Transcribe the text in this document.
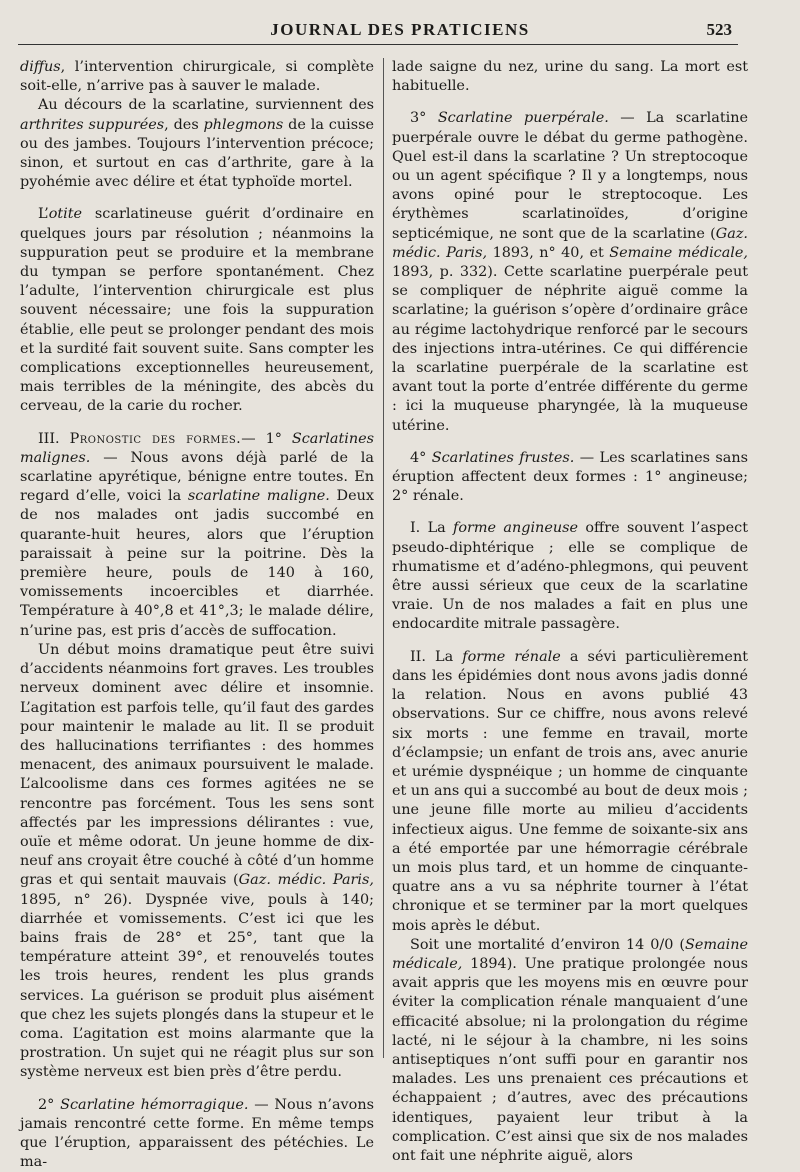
JOURNAL DES PRATICIENS	523

diffus, l’intervention chirurgicale, si complète soit-elle, n’arrive pas à sauver le malade.

Au décours de la scarlatine, surviennent des arthrites suppurées, des phlegmons de la cuisse ou des jambes. Toujours l’intervention précoce; sinon, et surtout en cas d’arthrite, gare à la pyohémie avec délire et état typhoïde mortel.

L’otite scarlatineuse guérit d’ordinaire en quelques jours par résolution ; néanmoins la suppuration peut se produire et la membrane du tympan se perfore spontanément. Chez l’adulte, l’intervention chirurgicale est plus souvent nécessaire; une fois la suppuration établie, elle peut se prolonger pendant des mois et la surdité fait souvent suite. Sans compter les complications exceptionnelles heureusement, mais terribles de la méningite, des abcès du cerveau, de la carie du rocher.

III. Pronostic des formes.— 1° Scarlatines malignes. — Nous avons déjà parlé de la scarlatine apyrétique, bénigne entre toutes. En regard d’elle, voici la scarlatine maligne. Deux de nos malades ont jadis succombé en quarante-huit heures, alors que l’éruption paraissait à peine sur la poitrine. Dès la première heure, pouls de 140 à 160, vomissements incoercibles et diarrhée. Température à 40°,8 et 41°,3; le malade délire, n’urine pas, est pris d’accès de suffocation.

Un début moins dramatique peut être suivi d’accidents néanmoins fort graves. Les troubles nerveux dominent avec délire et insomnie. L’agitation est parfois telle, qu’il faut des gardes pour maintenir le malade au lit. Il se produit des hallucinations terrifiantes : des hommes menacent, des animaux poursuivent le malade. L’alcoolisme dans ces formes agitées ne se rencontre pas forcément. Tous les sens sont affectés par les impressions délirantes : vue, ouïe et même odorat. Un jeune homme de dix-neuf ans croyait être couché à côté d’un homme gras et qui sentait mauvais (Gaz. médic. Paris, 1895, n° 26). Dyspnée vive, pouls à 140; diarrhée et vomissements. C’est ici que les bains frais de 28° et 25°, tant que la température atteint 39°, et renouvelés toutes les trois heures, rendent les plus grands services. La guérison se produit plus aisément que chez les sujets plongés dans la stupeur et le coma. L’agitation est moins alarmante que la prostration. Un sujet qui ne réagit plus sur son système nerveux est bien près d’être perdu.

2° Scarlatine hémorragique. — Nous n’avons jamais rencontré cette forme. En même temps que l’éruption, apparaissent des pétéchies. Le ma-

lade saigne du nez, urine du sang. La mort est habituelle.

3° Scarlatine puerpérale. — La scarlatine puerpérale ouvre le débat du germe pathogène. Quel est-il dans la scarlatine ? Un streptocoque ou un agent spécifique ? Il y a longtemps, nous avons opiné pour le streptocoque. Les érythèmes scarlatinoïdes, d’origine septicémique, ne sont que de la scarlatine (Gaz. médic. Paris, 1893, n° 40, et Semaine médicale, 1893, p. 332). Cette scarlatine puerpérale peut se compliquer de néphrite aiguë comme la scarlatine; la guérison s’opère d’ordinaire grâce au régime lactohydrique renforcé par le secours des injections intra-utérines. Ce qui différencie la scarlatine puerpérale de la scarlatine est avant tout la porte d’entrée différente du germe : ici la muqueuse pharyngée, là la muqueuse utérine.

4° Scarlatines frustes. — Les scarlatines sans éruption affectent deux formes : 1° angineuse; 2° rénale.

I. La forme angineuse offre souvent l’aspect pseudo-diphtérique ; elle se complique de rhumatisme et d’adéno-phlegmons, qui peuvent être aussi sérieux que ceux de la scarlatine vraie. Un de nos malades a fait en plus une endocardite mitrale passagère.

II. La forme rénale a sévi particulièrement dans les épidémies dont nous avons jadis donné la relation. Nous en avons publié 43 observations. Sur ce chiffre, nous avons relevé six morts : une femme en travail, morte d’éclampsie; un enfant de trois ans, avec anurie et urémie dyspnéique ; un homme de cinquante et un ans qui a succombé au bout de deux mois ; une jeune fille morte au milieu d’accidents infectieux aigus. Une femme de soixante-six ans a été emportée par une hémorragie cérébrale un mois plus tard, et un homme de cinquante-quatre ans a vu sa néphrite tourner à l’état chronique et se terminer par la mort quelques mois après le début.

Soit une mortalité d’environ 14 0/0 (Semaine médicale, 1894). Une pratique prolongée nous avait appris que les moyens mis en œuvre pour éviter la complication rénale manquaient d’une efficacité absolue; ni la prolongation du régime lacté, ni le séjour à la chambre, ni les soins antiseptiques n’ont suffi pour en garantir nos malades. Les uns prenaient ces précautions et échappaient ; d’autres, avec des précautions identiques, payaient leur tribut à la complication. C’est ainsi que six de nos malades ont fait une néphrite aiguë, alors
